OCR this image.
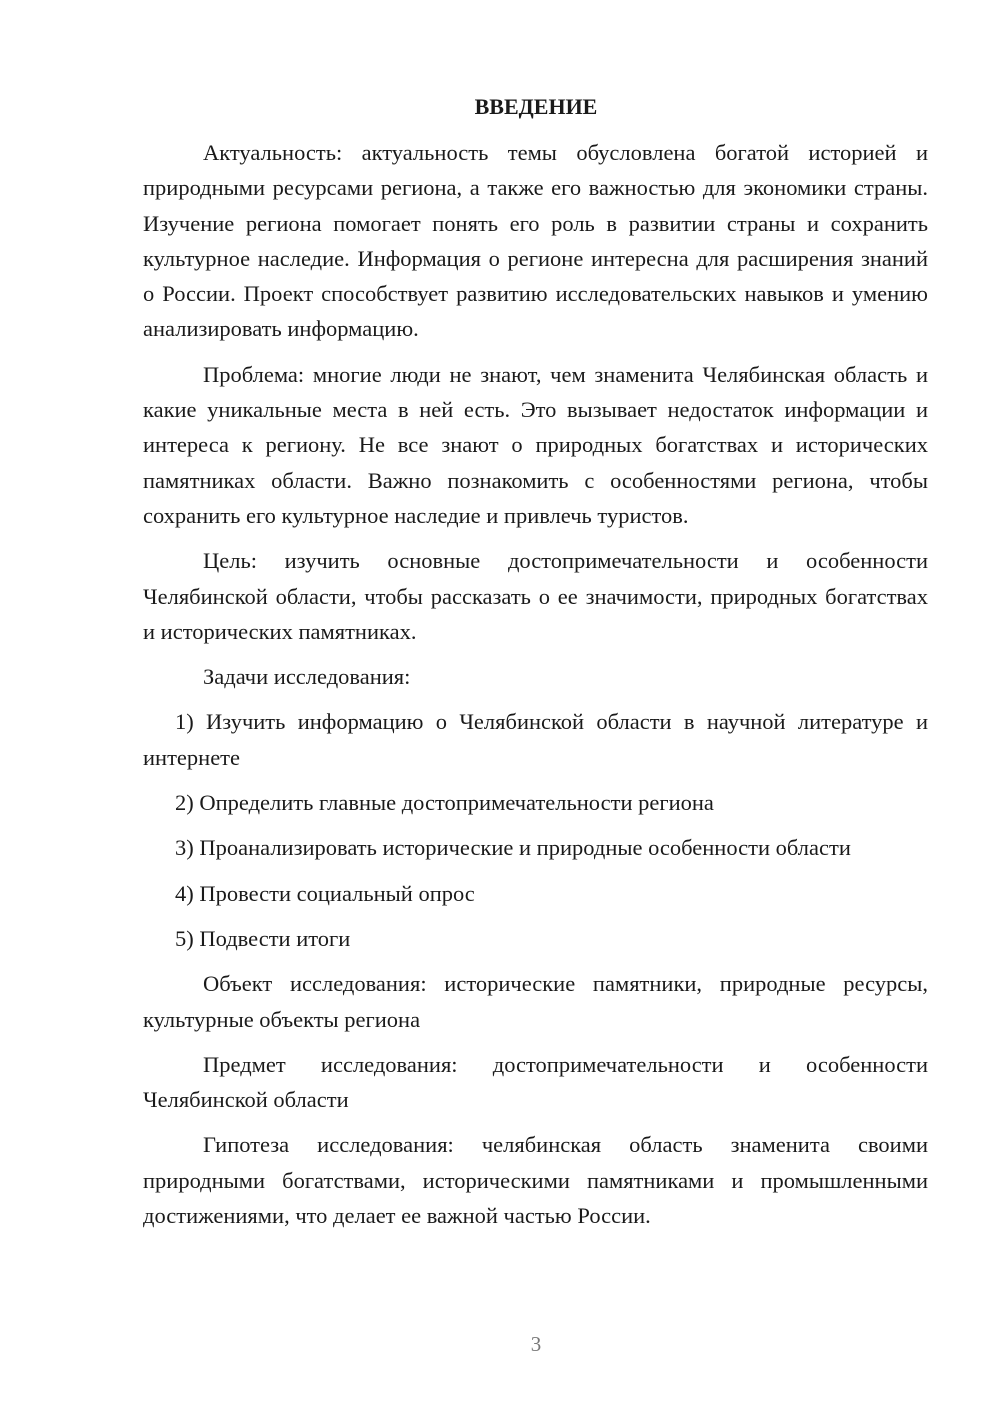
ВВЕДЕНИЕ

Актуальность: актуальность темы обусловлена богатой историей и природными ресурсами региона, а также его важностью для экономики страны. Изучение региона помогает понять его роль в развитии страны и сохранить культурное наследие. Информация о регионе интересна для расширения знаний о России. Проект способствует развитию исследовательских навыков и умению анализировать информацию.

Проблема: многие люди не знают, чем знаменита Челябинская область и какие уникальные места в ней есть. Это вызывает недостаток информации и интереса к региону. Не все знают о природных богатствах и исторических памятниках области. Важно познакомить с особенностями региона, чтобы сохранить его культурное наследие и привлечь туристов.

Цель: изучить основные достопримечательности и особенности Челябинской области, чтобы рассказать о ее значимости, природных богатствах и исторических памятниках.

Задачи исследования:

1) Изучить информацию о Челябинской области в научной литературе и интернете

2) Определить главные достопримечательности региона

3) Проанализировать исторические и природные особенности области

4) Провести социальный опрос

5) Подвести итоги

Объект исследования: исторические памятники, природные ресурсы, культурные объекты региона

Предмет исследования: достопримечательности и особенности Челябинской области

Гипотеза исследования: челябинская область знаменита своими природными богатствами, историческими памятниками и промышленными достижениями, что делает ее важной частью России.

3
